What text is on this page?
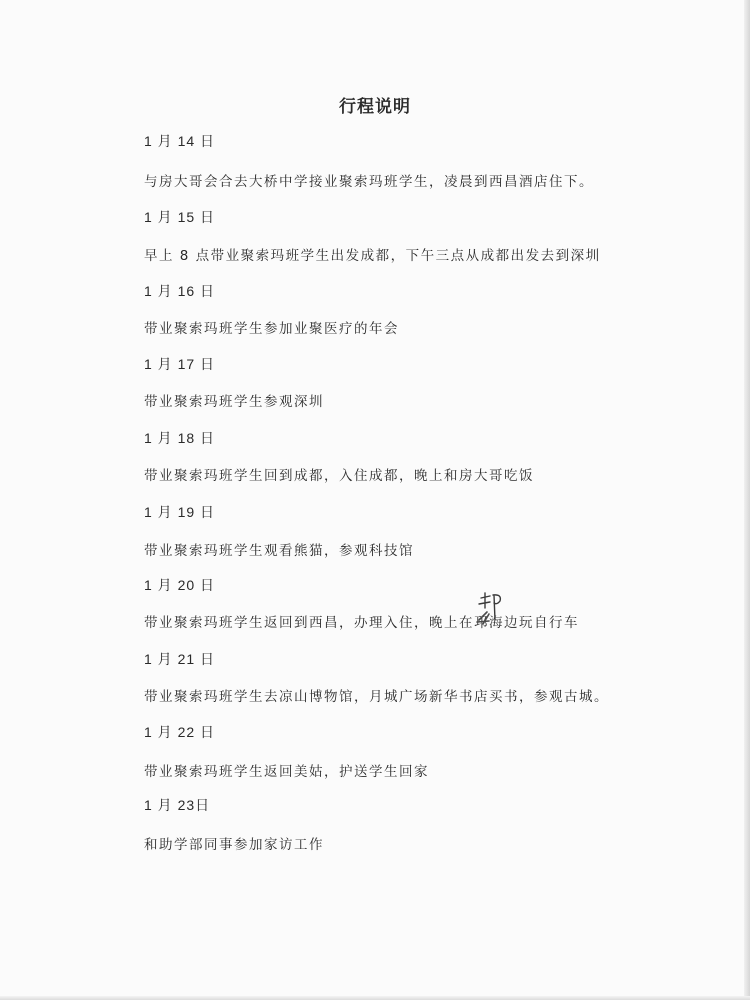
行程说明
1 月 14 日
与房大哥会合去大桥中学接业聚索玛班学生，凌晨到西昌酒店住下。
1 月 15 日
早上 8 点带业聚索玛班学生出发成都，下午三点从成都出发去到深圳
1 月 16 日
带业聚索玛班学生参加业聚医疗的年会
1 月 17 日
带业聚索玛班学生参观深圳
1 月 18 日
带业聚索玛班学生回到成都，入住成都，晚上和房大哥吃饭
1 月 19 日
带业聚索玛班学生观看熊猫，参观科技馆
1 月 20 日
带业聚索玛班学生返回到西昌，办理入住，晚上在邛海边玩自行车
1 月 21 日
带业聚索玛班学生去凉山博物馆，月城广场新华书店买书，参观古城。
1 月 22 日
带业聚索玛班学生返回美姑，护送学生回家
1 月 23日
和助学部同事参加家访工作
